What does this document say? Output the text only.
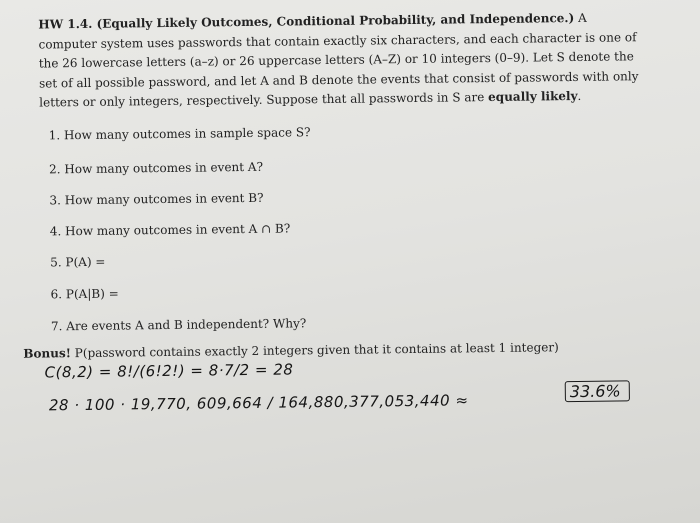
HW 1.4. (Equally Likely Outcomes, Conditional Probability, and Independence.) A computer system uses passwords that contain exactly six characters, and each character is one of the 26 lowercase letters (a–z) or 26 uppercase letters (A–Z) or 10 integers (0–9). Let S denote the set of all possible password, and let A and B denote the events that consist of passwords with only letters or only integers, respectively. Suppose that all passwords in S are equally likely.
1. How many outcomes in sample space S?
2. How many outcomes in event A?
3. How many outcomes in event B?
4. How many outcomes in event A ∩ B?
5. P(A) =
6. P(A|B) =
7. Are events A and B independent? Why?
Bonus! P(password contains exactly 2 integers given that it contains at least 1 integer)
C(8,2) = 8!/(6!2!) = 8·7/2 = 28
28 · 100 · 19,770, 609,664 / 164,880,377,053,440 ≈
33.6%
